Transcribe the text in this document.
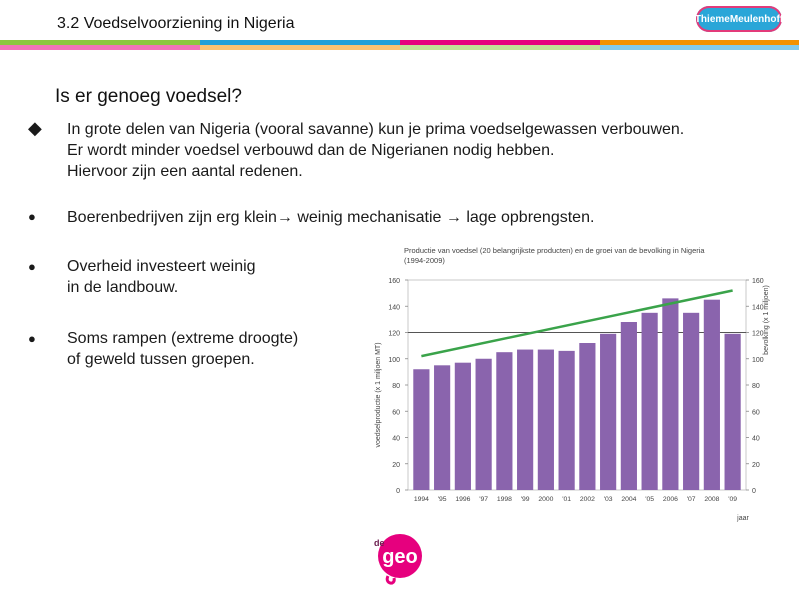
3.2 Voedselvoorziening in Nigeria	ThiemeMeulenhoff
Is er genoeg voedsel?
◆ In grote delen van Nigeria (vooral savanne) kun je prima voedselgewassen verbouwen.
Er wordt minder voedsel verbouwd dan de Nigerianen nodig hebben.
Hiervoor zijn een aantal redenen.
● Boerenbedrijven zijn erg klein→ weinig mechanisatie → lage opbrengsten.
● Overheid investeert weinig
in de landbouw.
● Soms rampen (extreme droogte)
of geweld tussen groepen.
Productie van voedsel (20 belangrijkste producten) en de groei van de bevolking in Nigeria
(1994-2009)
voedselproductie (x 1 miljoen MT)
bevolking (x 1 miljoen)
jaar
0	0
20	20
40	40
60	60
80	80
100	100
120	120
140	140
160	160
1994 '95 1996 '97 1998 '99 2000 '01 2002 '03 2004 '05 2006 '07 2008 '09
de
geo
